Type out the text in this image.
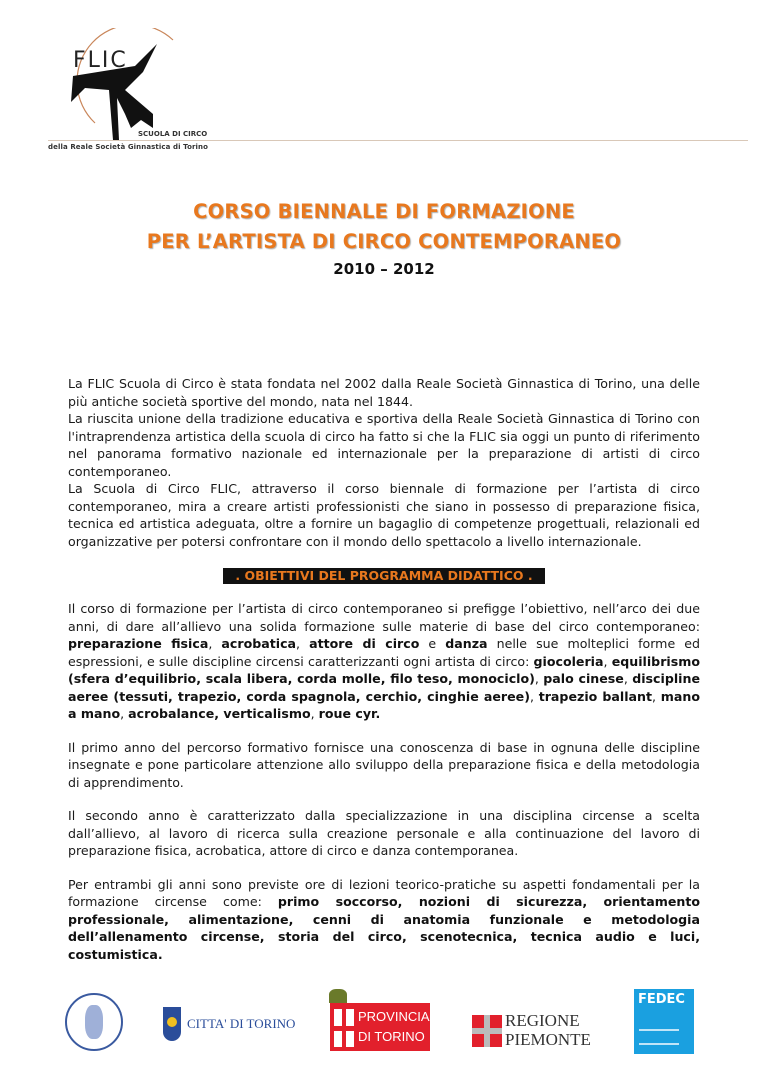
FLIC
SCUOLA DI CIRCO
della Reale Società Ginnastica di Torino
CORSO BIENNALE DI FORMAZIONE
PER L’ARTISTA DI CIRCO CONTEMPORANEO
2010 – 2012
La FLIC Scuola di Circo è stata fondata nel 2002 dalla Reale Società Ginnastica di Torino, una delle più antiche società sportive del mondo, nata nel 1844.
La riuscita unione della tradizione educativa e sportiva della Reale Società Ginnastica di Torino con l'intraprendenza artistica della scuola di circo ha fatto si che la FLIC sia oggi un punto di riferimento nel panorama formativo nazionale ed internazionale per la preparazione di artisti di circo contemporaneo.
La Scuola di Circo FLIC, attraverso il corso biennale di formazione per l’artista di circo contemporaneo, mira a creare artisti professionisti che siano in possesso di preparazione fisica, tecnica ed artistica adeguata, oltre a fornire un bagaglio di competenze progettuali, relazionali ed organizzative per potersi confrontare con il mondo dello spettacolo a livello internazionale.
. OBIETTIVI DEL PROGRAMMA DIDATTICO .
Il corso di formazione per l’artista di circo contemporaneo si prefigge l’obiettivo, nell’arco dei due anni, di dare all’allievo una solida formazione sulle materie di base del circo contemporaneo: preparazione fisica, acrobatica, attore di circo e danza nelle sue molteplici forme ed espressioni, e sulle discipline circensi caratterizzanti ogni artista di circo: giocoleria, equilibrismo (sfera d’equilibrio, scala libera, corda molle, filo teso, monociclo), palo cinese, discipline aeree (tessuti, trapezio, corda spagnola, cerchio, cinghie aeree), trapezio ballant, mano a mano, acrobalance, verticalismo, roue cyr.
Il primo anno del percorso formativo fornisce una conoscenza di base in ognuna delle discipline insegnate e pone particolare attenzione allo sviluppo della preparazione fisica e della metodologia di apprendimento.
Il secondo anno è caratterizzato dalla specializzazione in una disciplina circense a scelta dall’allievo, al lavoro di ricerca sulla creazione personale e alla continuazione del lavoro di preparazione fisica, acrobatica, attore di circo e danza contemporanea.
Per entrambi gli anni sono previste ore di lezioni teorico-pratiche su aspetti fondamentali per la formazione circense come: primo soccorso, nozioni di sicurezza, orientamento professionale, alimentazione, cenni di anatomia funzionale e metodologia dell’allenamento circense, storia del circo, scenotecnica, tecnica audio e luci, costumistica.
CITTA' DI TORINO	PROVINCIA
DI TORINO
REGIONE
PIEMONTE
FEDEC
